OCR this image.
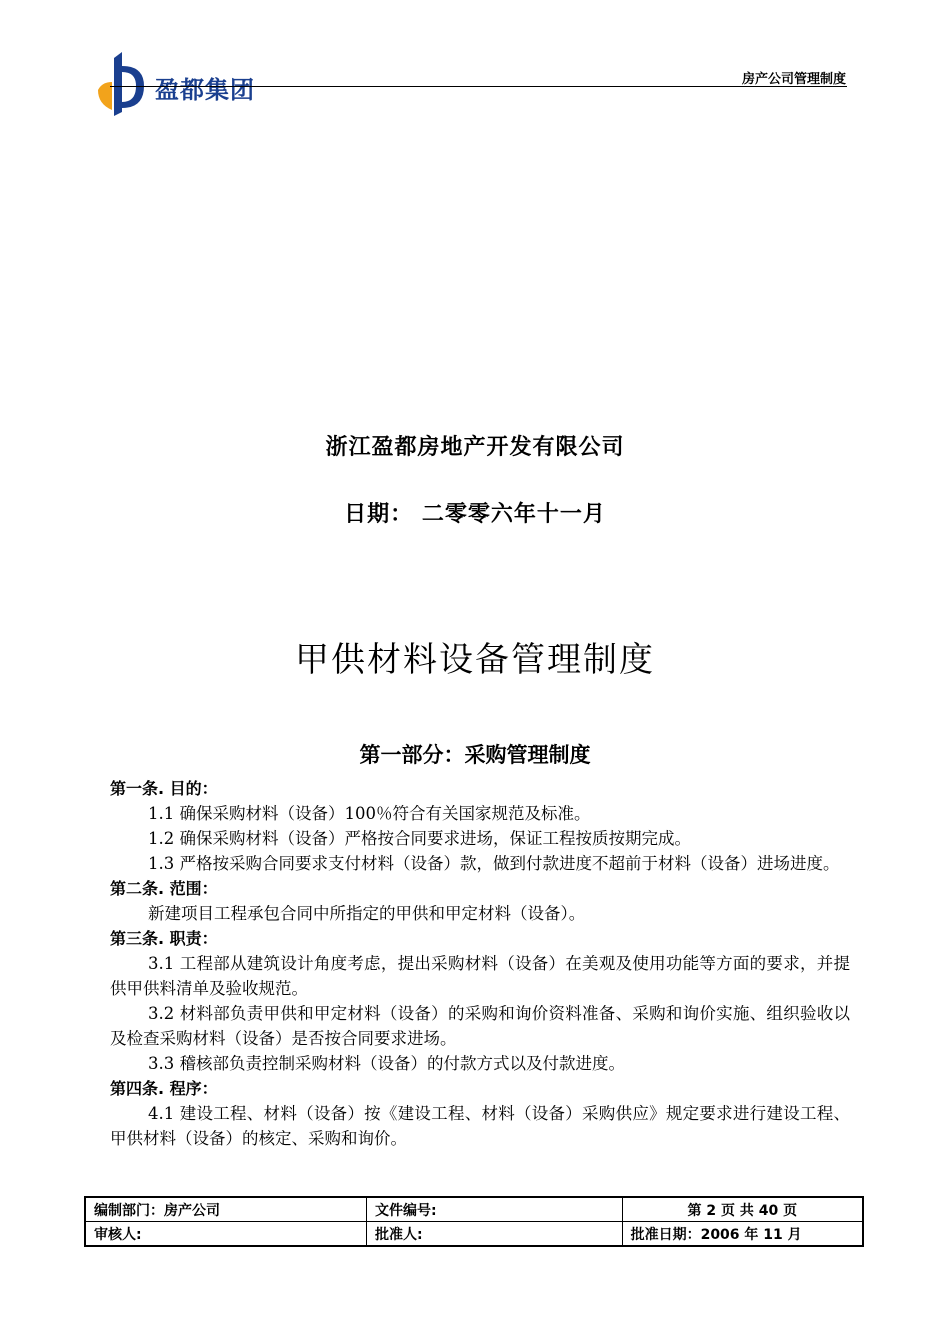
盈都集团	房产公司管理制度
浙江盈都房地产开发有限公司
日期： 二零零六年十一月
甲供材料设备管理制度
第一部分：采购管理制度
第一条. 目的：
1.1 确保采购材料（设备）100％符合有关国家规范及标准。
1.2 确保采购材料（设备）严格按合同要求进场，保证工程按质按期完成。
1.3 严格按采购合同要求支付材料（设备）款，做到付款进度不超前于材料（设备）进场进度。
第二条. 范围：
新建项目工程承包合同中所指定的甲供和甲定材料（设备）。
第三条. 职责：
3.1 工程部从建筑设计角度考虑，提出采购材料（设备）在美观及使用功能等方面的要求，并提供甲供料清单及验收规范。
3.2 材料部负责甲供和甲定材料（设备）的采购和询价资料准备、采购和询价实施、组织验收以及检查采购材料（设备）是否按合同要求进场。
3.3 稽核部负责控制采购材料（设备）的付款方式以及付款进度。
第四条. 程序：
4.1 建设工程、材料（设备）按《建设工程、材料（设备）采购供应》规定要求进行建设工程、甲供材料（设备）的核定、采购和询价。
编制部门：房产公司	文件编号:	第 2 页 共 40 页
审核人:	批准人:	批准日期：2006 年 11 月
